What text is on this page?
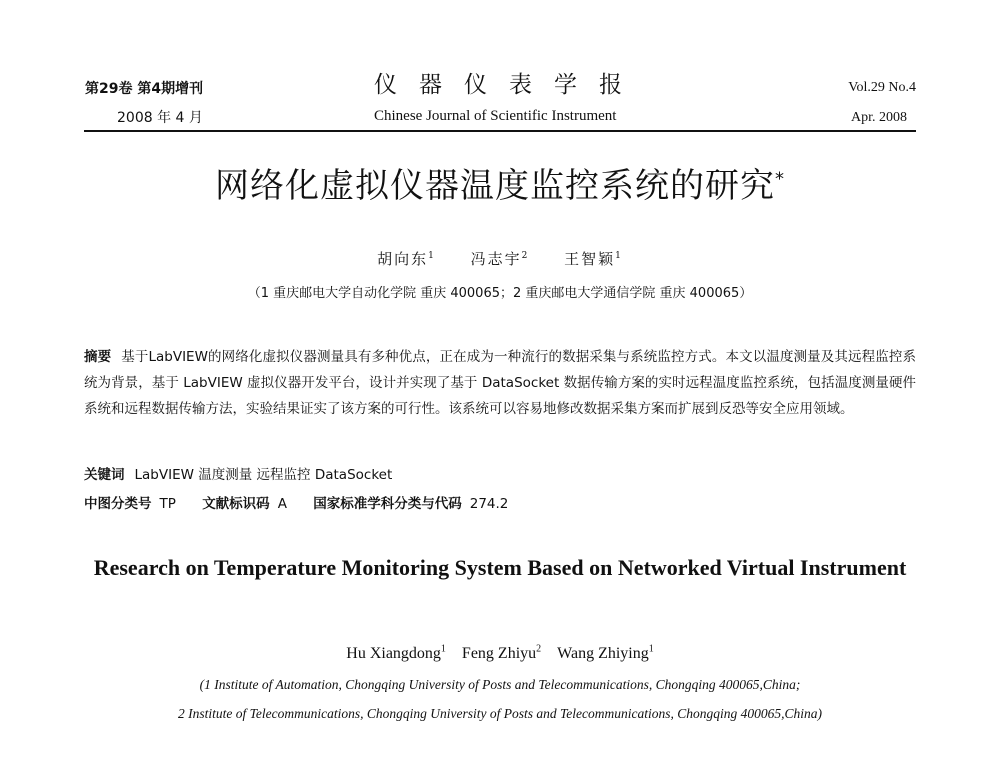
第29卷 第4期增刊
2008 年 4 月
仪器仪表学报
Chinese Journal of Scientific Instrument
Vol.29 No.4
Apr. 2008
网络化虚拟仪器温度监控系统的研究*
胡向东$^1$ 冯志宇$^2$ 王智颖$^1$
（1 重庆邮电大学自动化学院 重庆 400065；2 重庆邮电大学通信学院 重庆 400065）
摘要 基于LabVIEW的网络化虚拟仪器测量具有多种优点，正在成为一种流行的数据采集与系统监控方式。本文以温度测量及其远程监控系统为背景，基于 LabVIEW 虚拟仪器开发平台，设计并实现了基于 DataSocket 数据传输方案的实时远程温度监控系统，包括温度测量硬件系统和远程数据传输方法，实验结果证实了该方案的可行性。该系统可以容易地修改数据采集方案而扩展到反恐等安全应用领域。
关键词 LabVIEW 温度测量 远程监控 DataSocket
中图分类号 TP 文献标识码 A 国家标准学科分类与代码 274.2
Research on Temperature Monitoring System Based on Networked Virtual Instrument
Hu Xiangdong$^1$ Feng Zhiyu$^2$ Wang Zhiying$^1$
(1 Institute of Automation, Chongqing University of Posts and Telecommunications, Chongqing 400065,China;
2 Institute of Telecommunications, Chongqing University of Posts and Telecommunications, Chongqing 400065,China)
